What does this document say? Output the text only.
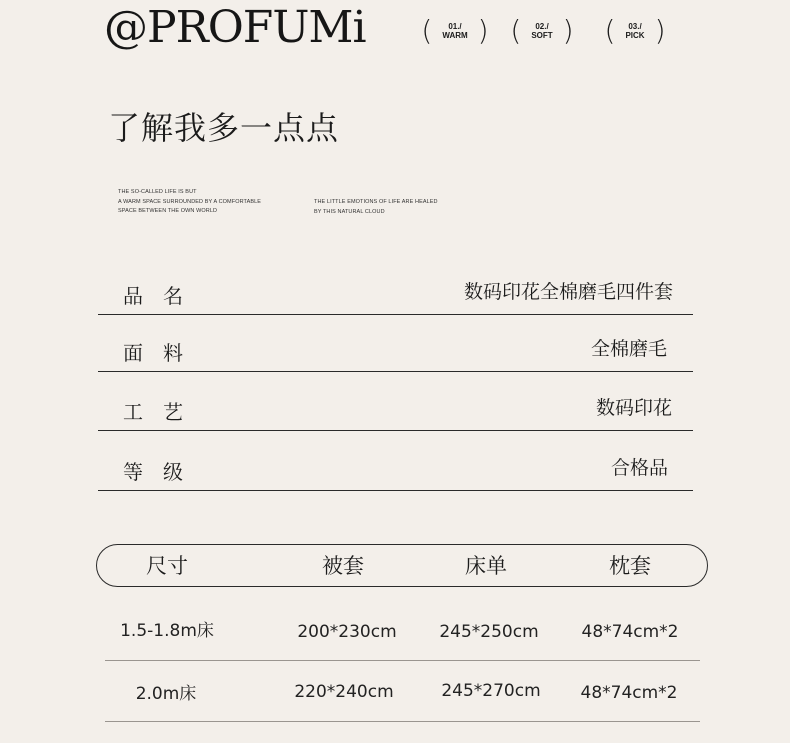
@PROFUMi ( 01./
WARM ) ( 02./
SOFT ) ( 03./
PICK )
了解我多一点点
THE SO-CALLED LIFE IS BUT
A WARM SPACE SURROUNDED BY A COMFORTABLE
SPACE BETWEEN THE OWN WORLD
THE LITTLE EMOTIONS OF LIFE ARE HEALED
BY THIS NATURAL CLOUD
品名	数码印花全棉磨毛四件套
面料	全棉磨毛
工艺	数码印花
等级	合格品
尺寸	被套	床单	枕套
1.5-1.8m床	200*230cm	245*250cm	48*74cm*2
2.0m床	220*240cm	245*270cm 48*74cm*2
